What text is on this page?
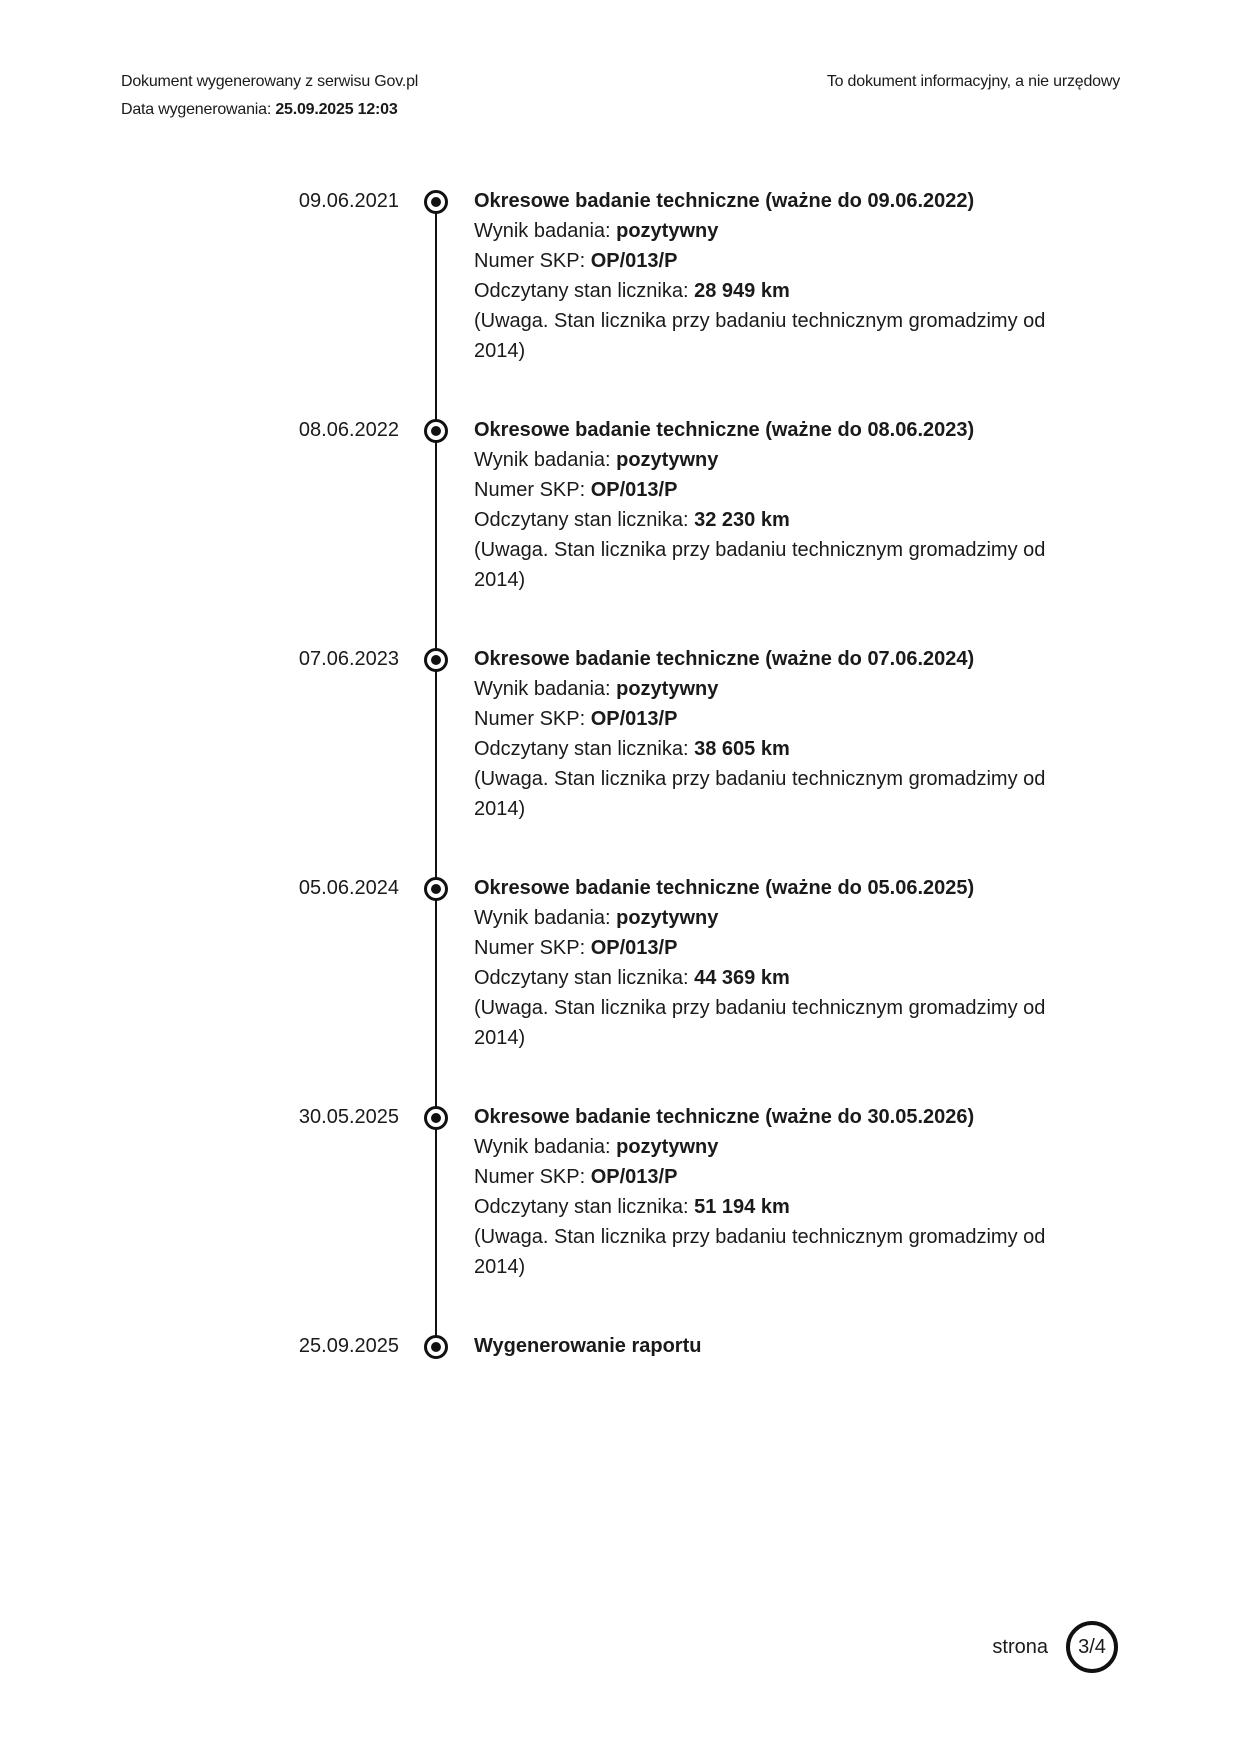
Dokument wygenerowany z serwisu Gov.pl
Data wygenerowania: 25.09.2025 12:03
To dokument informacyjny, a nie urzędowy
09.06.2021	Okresowe badanie techniczne (ważne do 09.06.2022)

Wynik badania: pozytywny

Numer SKP: OP/013/P

Odczytany stan licznika: 28 949 km

(Uwaga. Stan licznika przy badaniu technicznym gromadzimy od 2014)

08.06.2022	Okresowe badanie techniczne (ważne do 08.06.2023)

Wynik badania: pozytywny

Numer SKP: OP/013/P

Odczytany stan licznika: 32 230 km

(Uwaga. Stan licznika przy badaniu technicznym gromadzimy od 2014)

07.06.2023	Okresowe badanie techniczne (ważne do 07.06.2024)

Wynik badania: pozytywny

Numer SKP: OP/013/P

Odczytany stan licznika: 38 605 km

(Uwaga. Stan licznika przy badaniu technicznym gromadzimy od 2014)

05.06.2024	Okresowe badanie techniczne (ważne do 05.06.2025)

Wynik badania: pozytywny

Numer SKP: OP/013/P

Odczytany stan licznika: 44 369 km

(Uwaga. Stan licznika przy badaniu technicznym gromadzimy od 2014)

30.05.2025	Okresowe badanie techniczne (ważne do 30.05.2026)

Wynik badania: pozytywny

Numer SKP: OP/013/P

Odczytany stan licznika: 51 194 km

(Uwaga. Stan licznika przy badaniu technicznym gromadzimy od 2014)

25.09.2025	Wygenerowanie raportu

strona 3/4
